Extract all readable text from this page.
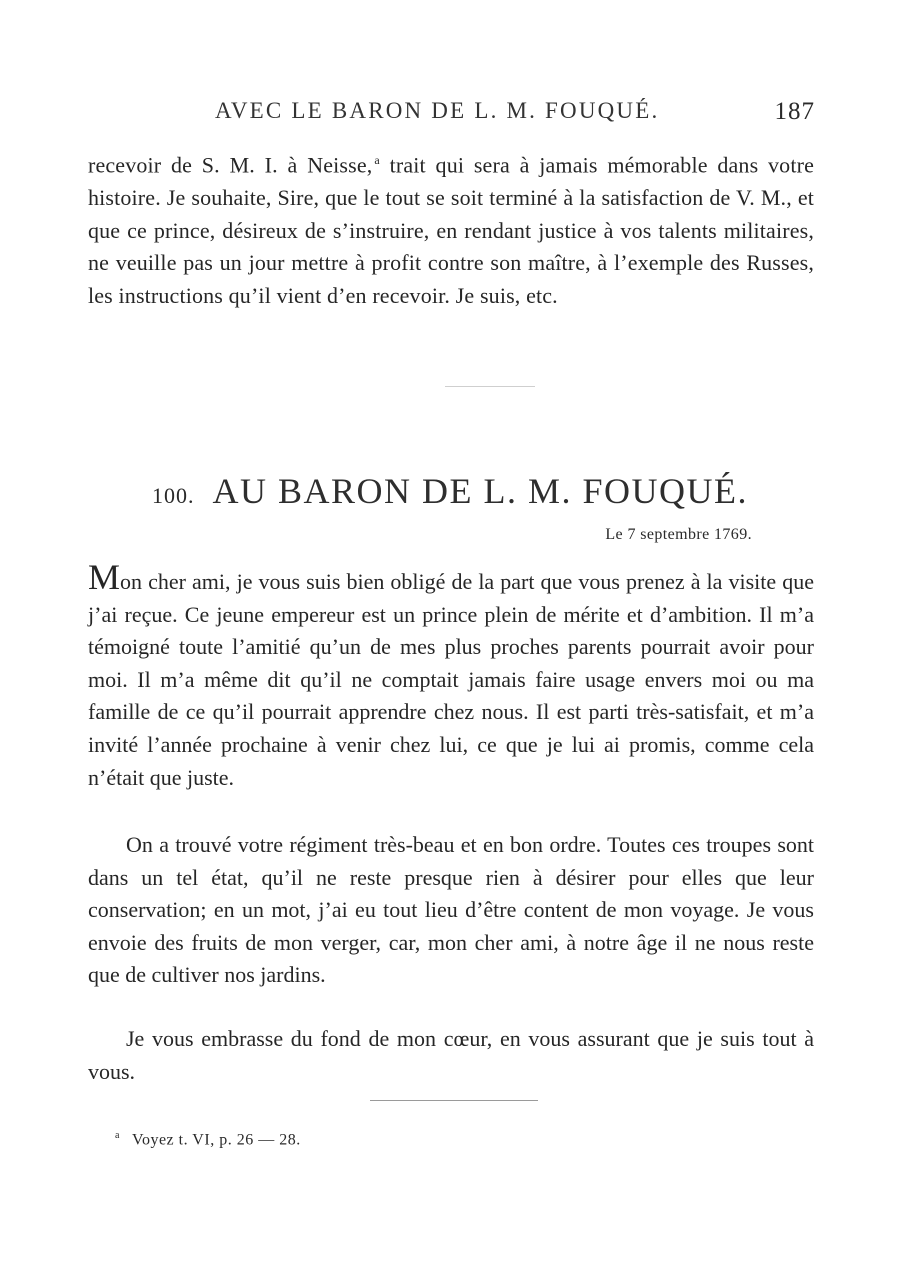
AVEC LE BARON DE L. M. FOUQUÉ.	187

recevoir de S. M. I. à Neisse, $^a$ trait qui sera à jamais mémorable dans votre histoire. Je souhaite, Sire, que le tout se soit terminé à la satisfaction de V. M., et que ce prince, désireux de s’instruire, en rendant justice à vos talents militaires, ne veuille pas un jour mettre à profit contre son maître, à l’exemple des Russes, les instructions qu’il vient d’en recevoir. Je suis, etc.

100. AU BARON DE L. M. FOUQUÉ.
Le 7 septembre 1769.

Mon cher ami, je vous suis bien obligé de la part que vous prenez à la visite que j’ai reçue. Ce jeune empereur est un prince plein de mérite et d’ambition. Il m’a témoigné toute l’amitié qu’un de mes plus proches parents pourrait avoir pour moi. Il m’a même dit qu’il ne comptait jamais faire usage envers moi ou ma famille de ce qu’il pourrait apprendre chez nous. Il est parti très-satisfait, et m’a invité l’année prochaine à venir chez lui, ce que je lui ai promis, comme cela n’était que juste.

On a trouvé votre régiment très-beau et en bon ordre. Toutes ces troupes sont dans un tel état, qu’il ne reste presque rien à désirer pour elles que leur conservation; en un mot, j’ai eu tout lieu d’être content de mon voyage. Je vous envoie des fruits de mon verger, car, mon cher ami, à notre âge il ne nous reste que de cultiver nos jardins.

Je vous embrasse du fond de mon cœur, en vous assurant que je suis tout à vous.

$^a$ Voyez t. VI, p. 26 — 28.
